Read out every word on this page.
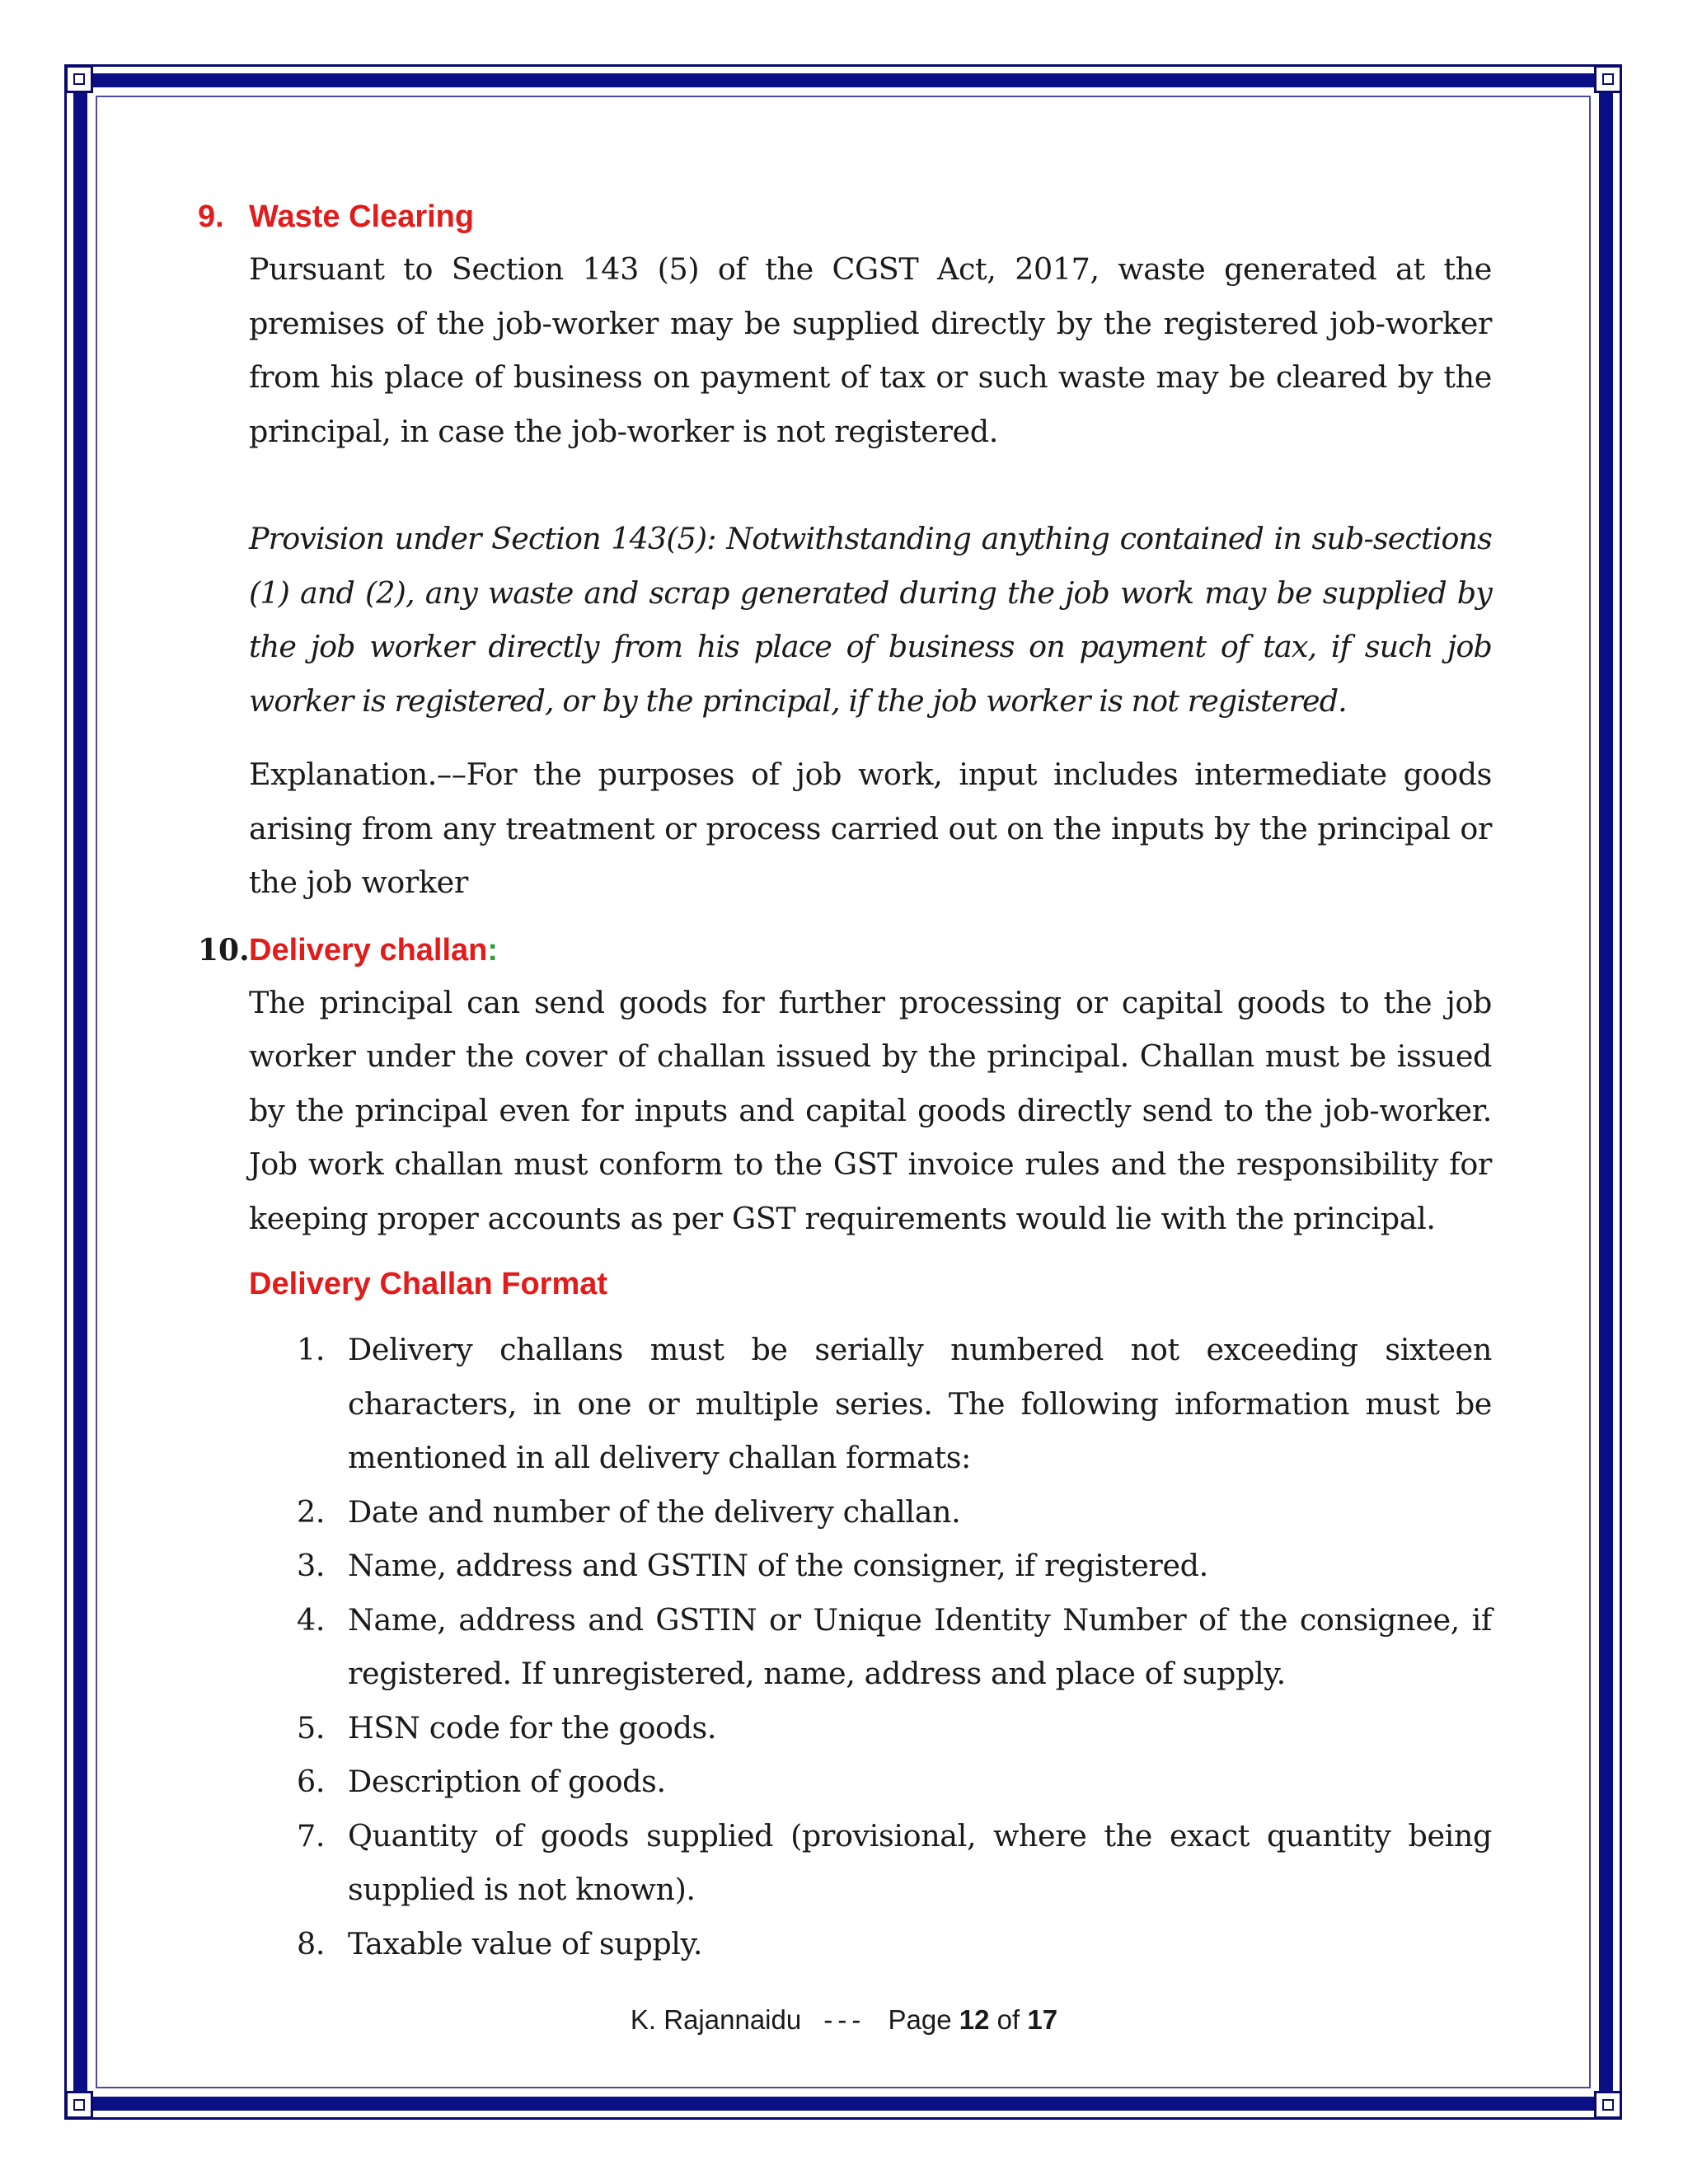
9. Waste Clearing

Pursuant to Section 143 (5) of the CGST Act, 2017, waste generated at the premises of the job-worker may be supplied directly by the registered job-worker from his place of business on payment of tax or such waste may be cleared by the principal, in case the job-worker is not registered.

Provision under Section 143(5): Notwithstanding anything contained in sub-sections (1) and (2), any waste and scrap generated during the job work may be supplied by the job worker directly from his place of business on payment of tax, if such job worker is registered, or by the principal, if the job worker is not registered.

Explanation.––For the purposes of job work, input includes intermediate goods arising from any treatment or process carried out on the inputs by the principal or the job worker

10. Delivery challan:

The principal can send goods for further processing or capital goods to the job worker under the cover of challan issued by the principal. Challan must be issued by the principal even for inputs and capital goods directly send to the job-worker. Job work challan must conform to the GST invoice rules and the responsibility for keeping proper accounts as per GST requirements would lie with the principal.

Delivery Challan Format
1. Delivery challans must be serially numbered not exceeding sixteen characters, in one or multiple series. The following information must be mentioned in all delivery challan formats:
2. Date and number of the delivery challan.
3. Name, address and GSTIN of the consigner, if registered.
4. Name, address and GSTIN or Unique Identity Number of the consignee, if registered. If unregistered, name, address and place of supply.
5. HSN code for the goods.
6. Description of goods.
7. Quantity of goods supplied (provisional, where the exact quantity being supplied is not known).
8. Taxable value of supply.
K. Rajannaidu --- Page 12 of 17
